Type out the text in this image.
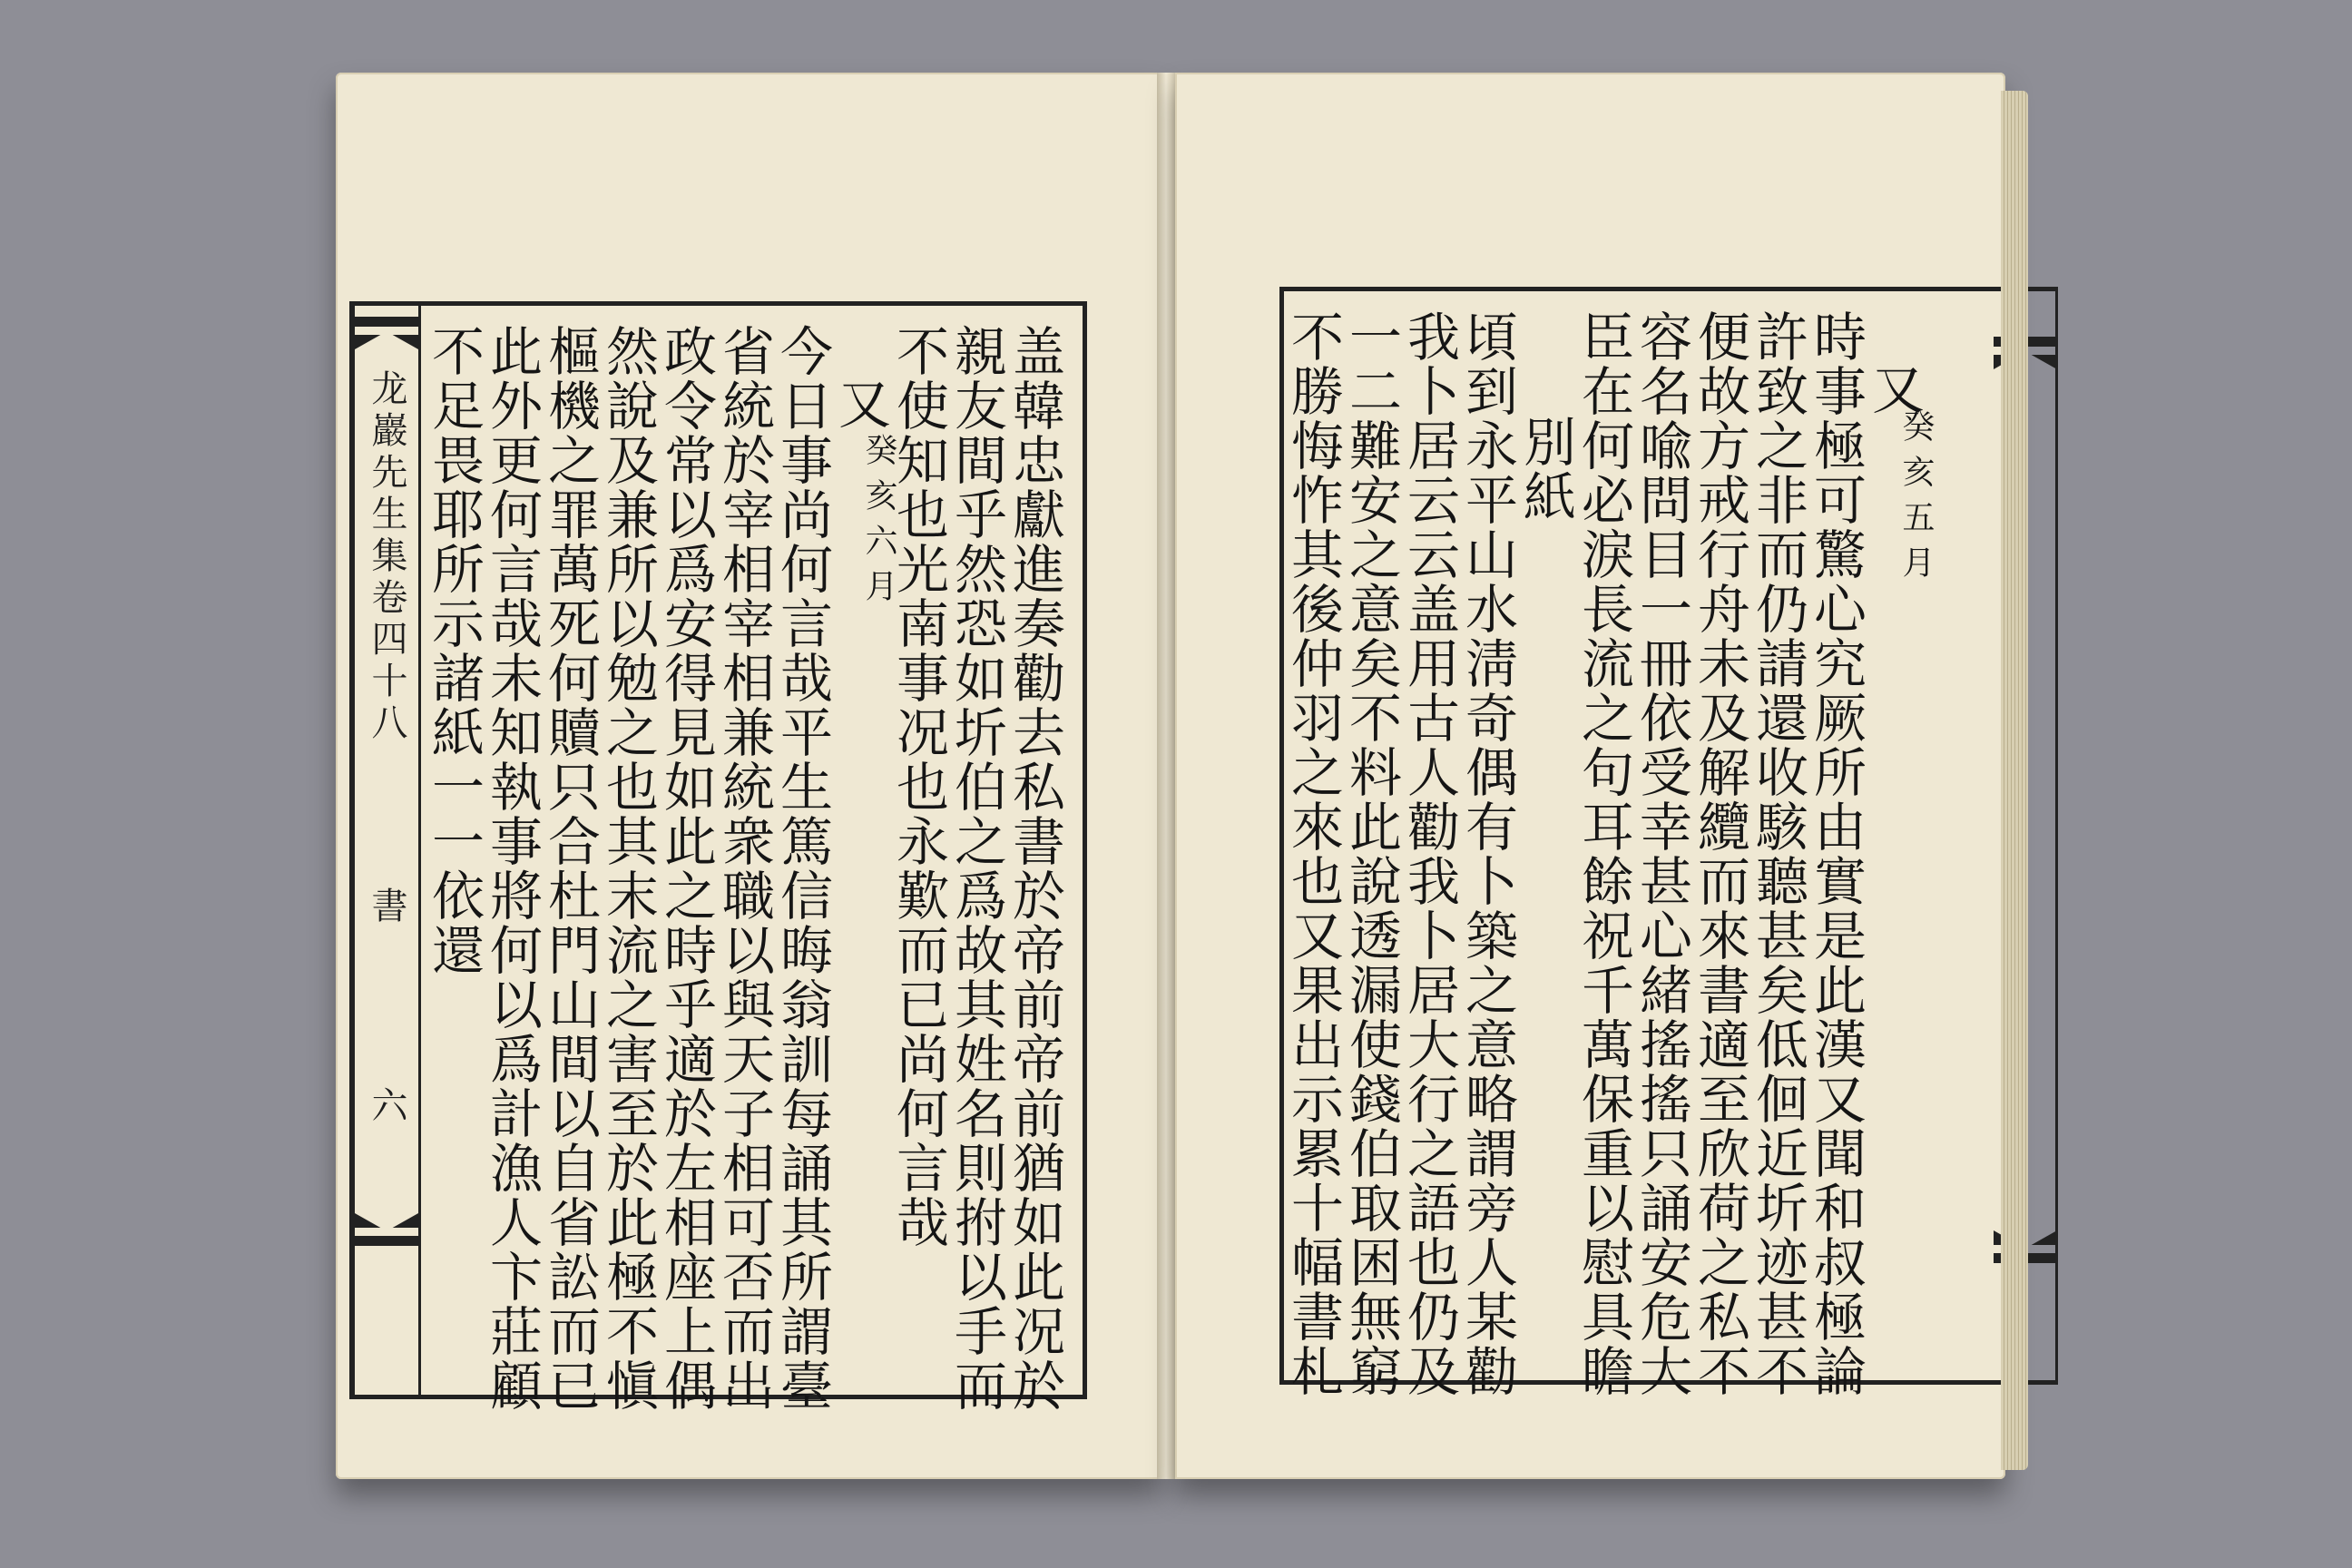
龙巖先生集卷四十八
書
六
不足畏耶所示諸紙一一依還
此外更何言哉未知執事將何以爲計漁人卞莊顧
樞機之罪萬死何贖只合杜門山間以自省訟而已
然說及兼所以勉之也其末流之害至於此極不愼
政令常以爲安得見如此之時乎適於左相座上偶
省統於宰相宰相兼統衆職以與天子相可否而出
今日事尚何言哉平生篤信晦翁訓每誦其所謂臺
又
癸亥六月
不使知也光南事况也永歎而已尚何言哉
親友間乎然恐如圻伯之爲故其姓名則拊以手而
盖韓忠獻進奏勸去私書於帝前帝前猶如此况於	不勝悔怍其後仲羽之來也又果出示累十幅書札
一二難安之意矣不料此說透漏使錢伯取困無窮
我卜居云云盖用古人勸我卜居大行之語也仍及
頃到永平山水淸奇偶有卜築之意略謂旁人某勸
別紙
臣在何必淚長流之句耳餘祝千萬保重以慰具瞻
容名喩問目一冊依受幸甚心緒搖搖只誦安危大
便故方戒行舟未及解纜而來書適至欣荷之私不
許致之非而仍請還收駭聽甚矣低佪近圻迹甚不
時事極可驚心究厥所由實是此漢又聞和叔極論
又
癸亥五月
